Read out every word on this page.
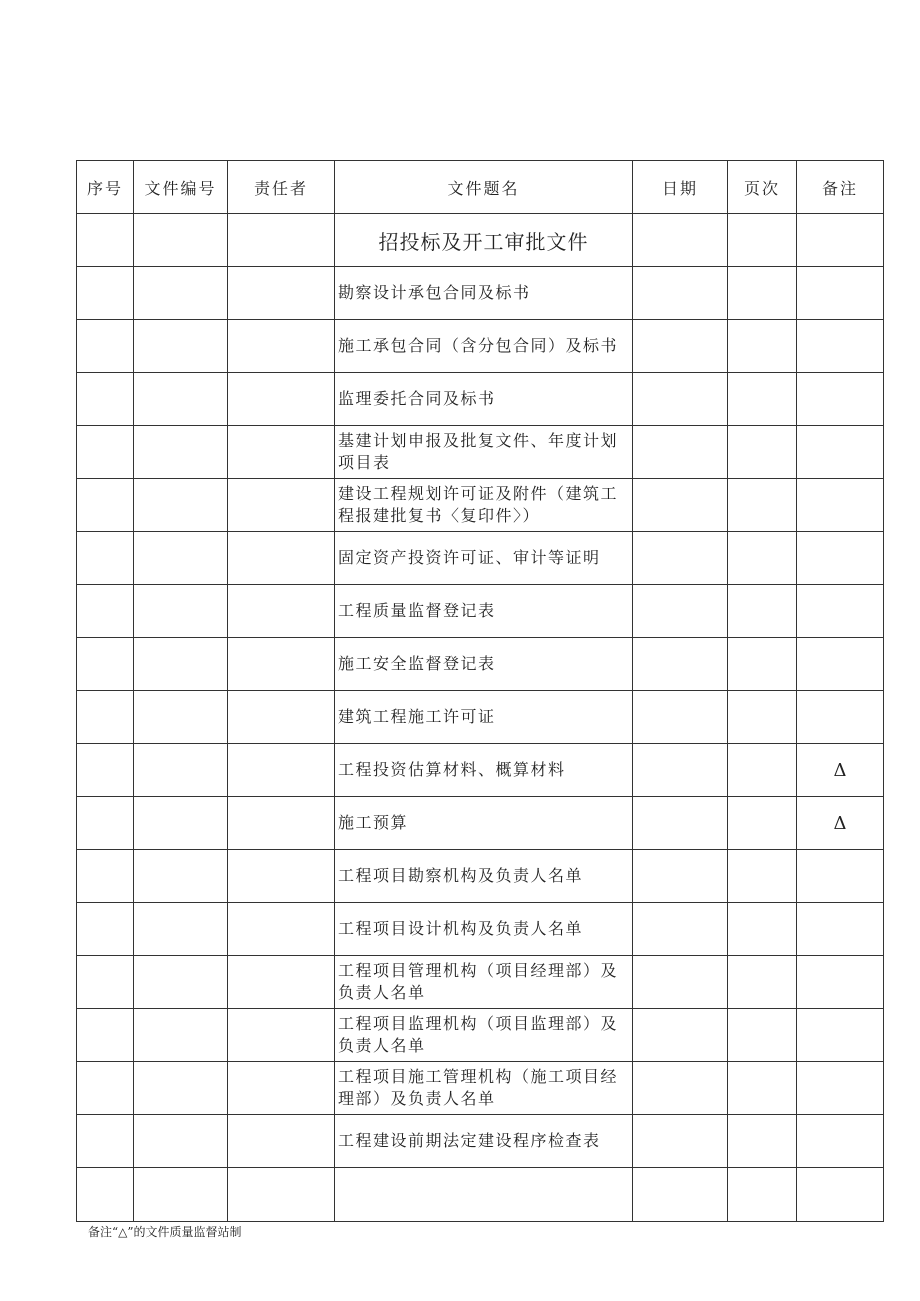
序号	文件编号	责任者	文件题名	日期	页次	备注
			招投标及开工审批文件			
			勘察设计承包合同及标书			
			施工承包合同（含分包合同）及标书			
			监理委托合同及标书			
			基建计划申报及批复文件、年度计划项目表			
			建设工程规划许可证及附件（建筑工程报建批复书〈复印件〉）			
			固定资产投资许可证、审计等证明			
			工程质量监督登记表			
			施工安全监督登记表			
			建筑工程施工许可证			
			工程投资估算材料、概算材料			Δ
			施工预算			Δ
			工程项目勘察机构及负责人名单			
			工程项目设计机构及负责人名单			
			工程项目管理机构（项目经理部）及负责人名单			
			工程项目监理机构（项目监理部）及负责人名单			
			工程项目施工管理机构（施工项目经理部）及负责人名单			
			工程建设前期法定建设程序检查表			

备注“△”的文件质量监督站制
